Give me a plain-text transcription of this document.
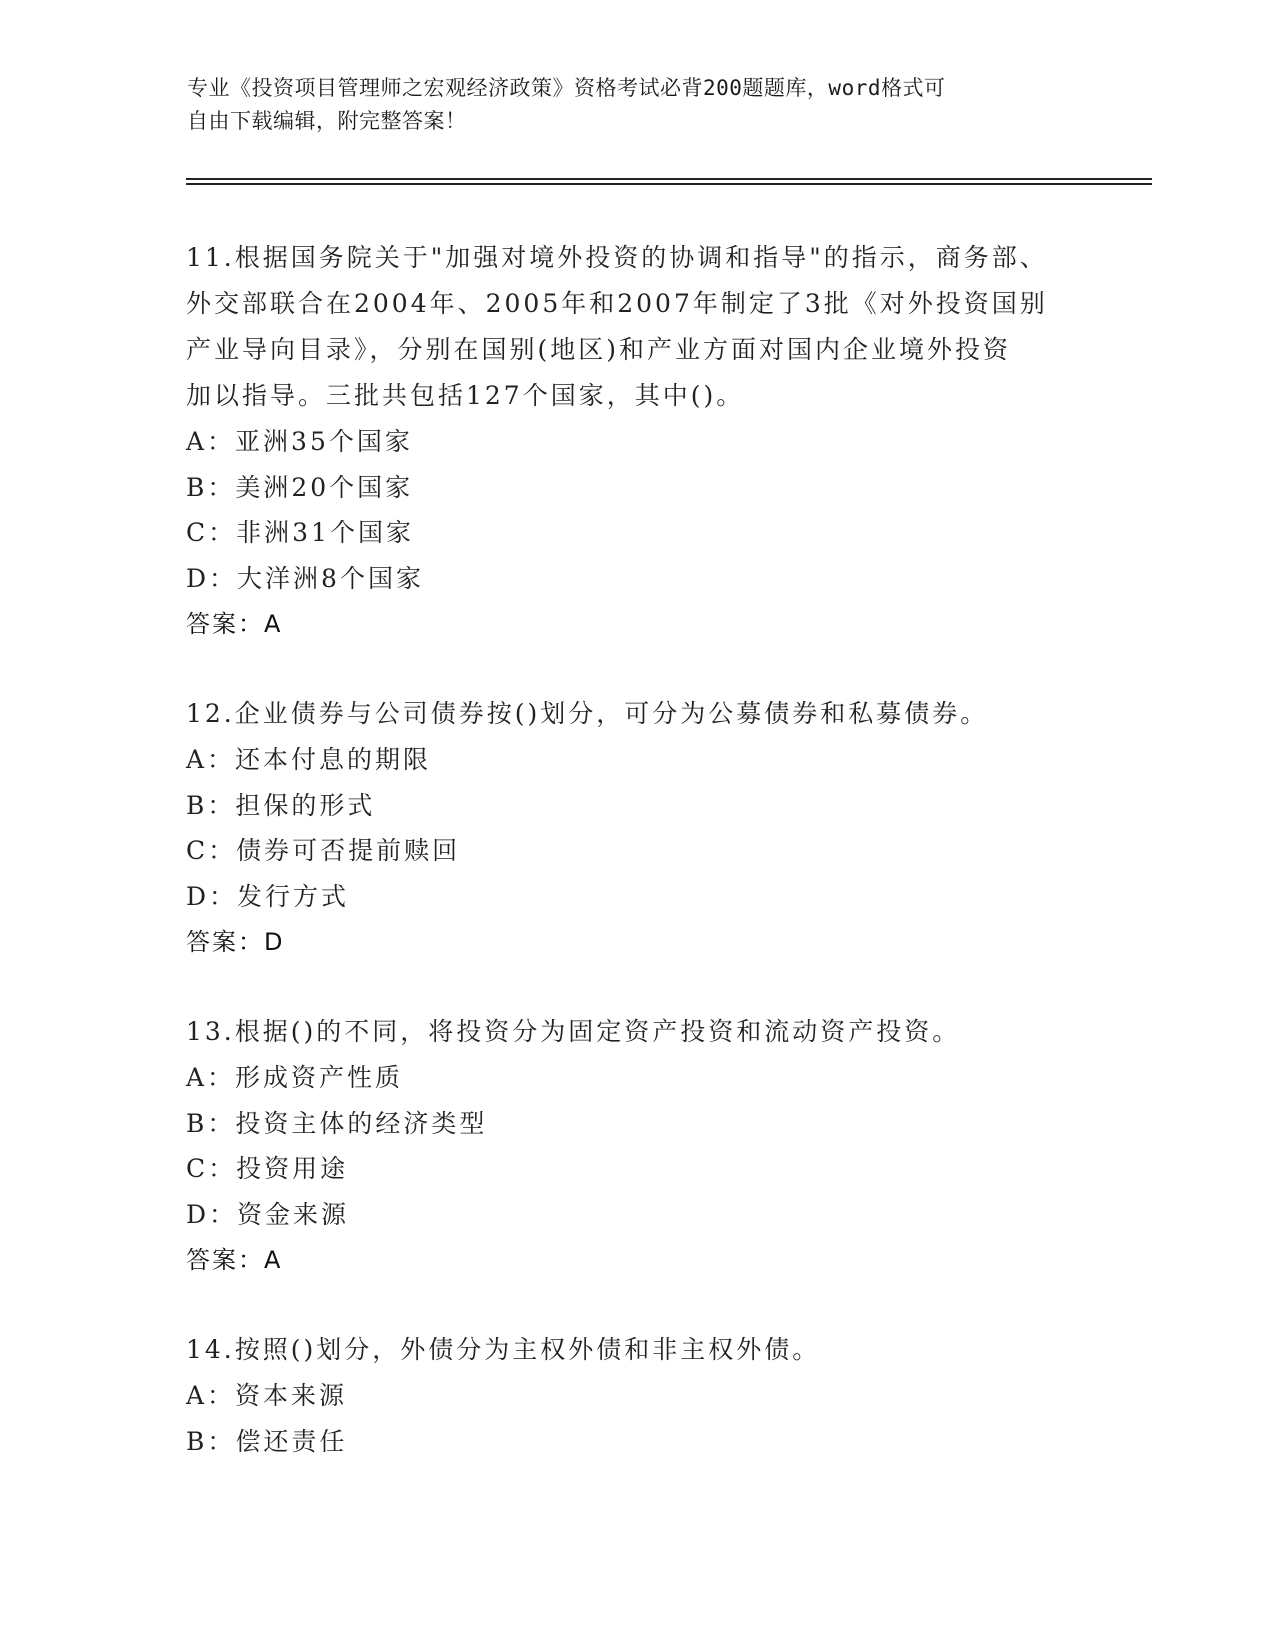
专业《投资项目管理师之宏观经济政策》资格考试必背200题题库，word格式可
自由下载编辑，附完整答案！

11.根据国务院关于"加强对境外投资的协调和指导"的指示，商务部、

外交部联合在2004年、2005年和2007年制定了3批《对外投资国别

产业导向目录》，分别在国别(地区)和产业方面对国内企业境外投资

加以指导。三批共包括127个国家，其中()。

A：亚洲35个国家

B：美洲20个国家

C：非洲31个国家

D：大洋洲8个国家

答案：A

12.企业债券与公司债券按()划分，可分为公募债券和私募债券。

A：还本付息的期限

B：担保的形式

C：债券可否提前赎回

D：发行方式

答案：D

13.根据()的不同，将投资分为固定资产投资和流动资产投资。

A：形成资产性质

B：投资主体的经济类型

C：投资用途

D：资金来源

答案：A

14.按照()划分，外债分为主权外债和非主权外债。

A：资本来源

B：偿还责任
